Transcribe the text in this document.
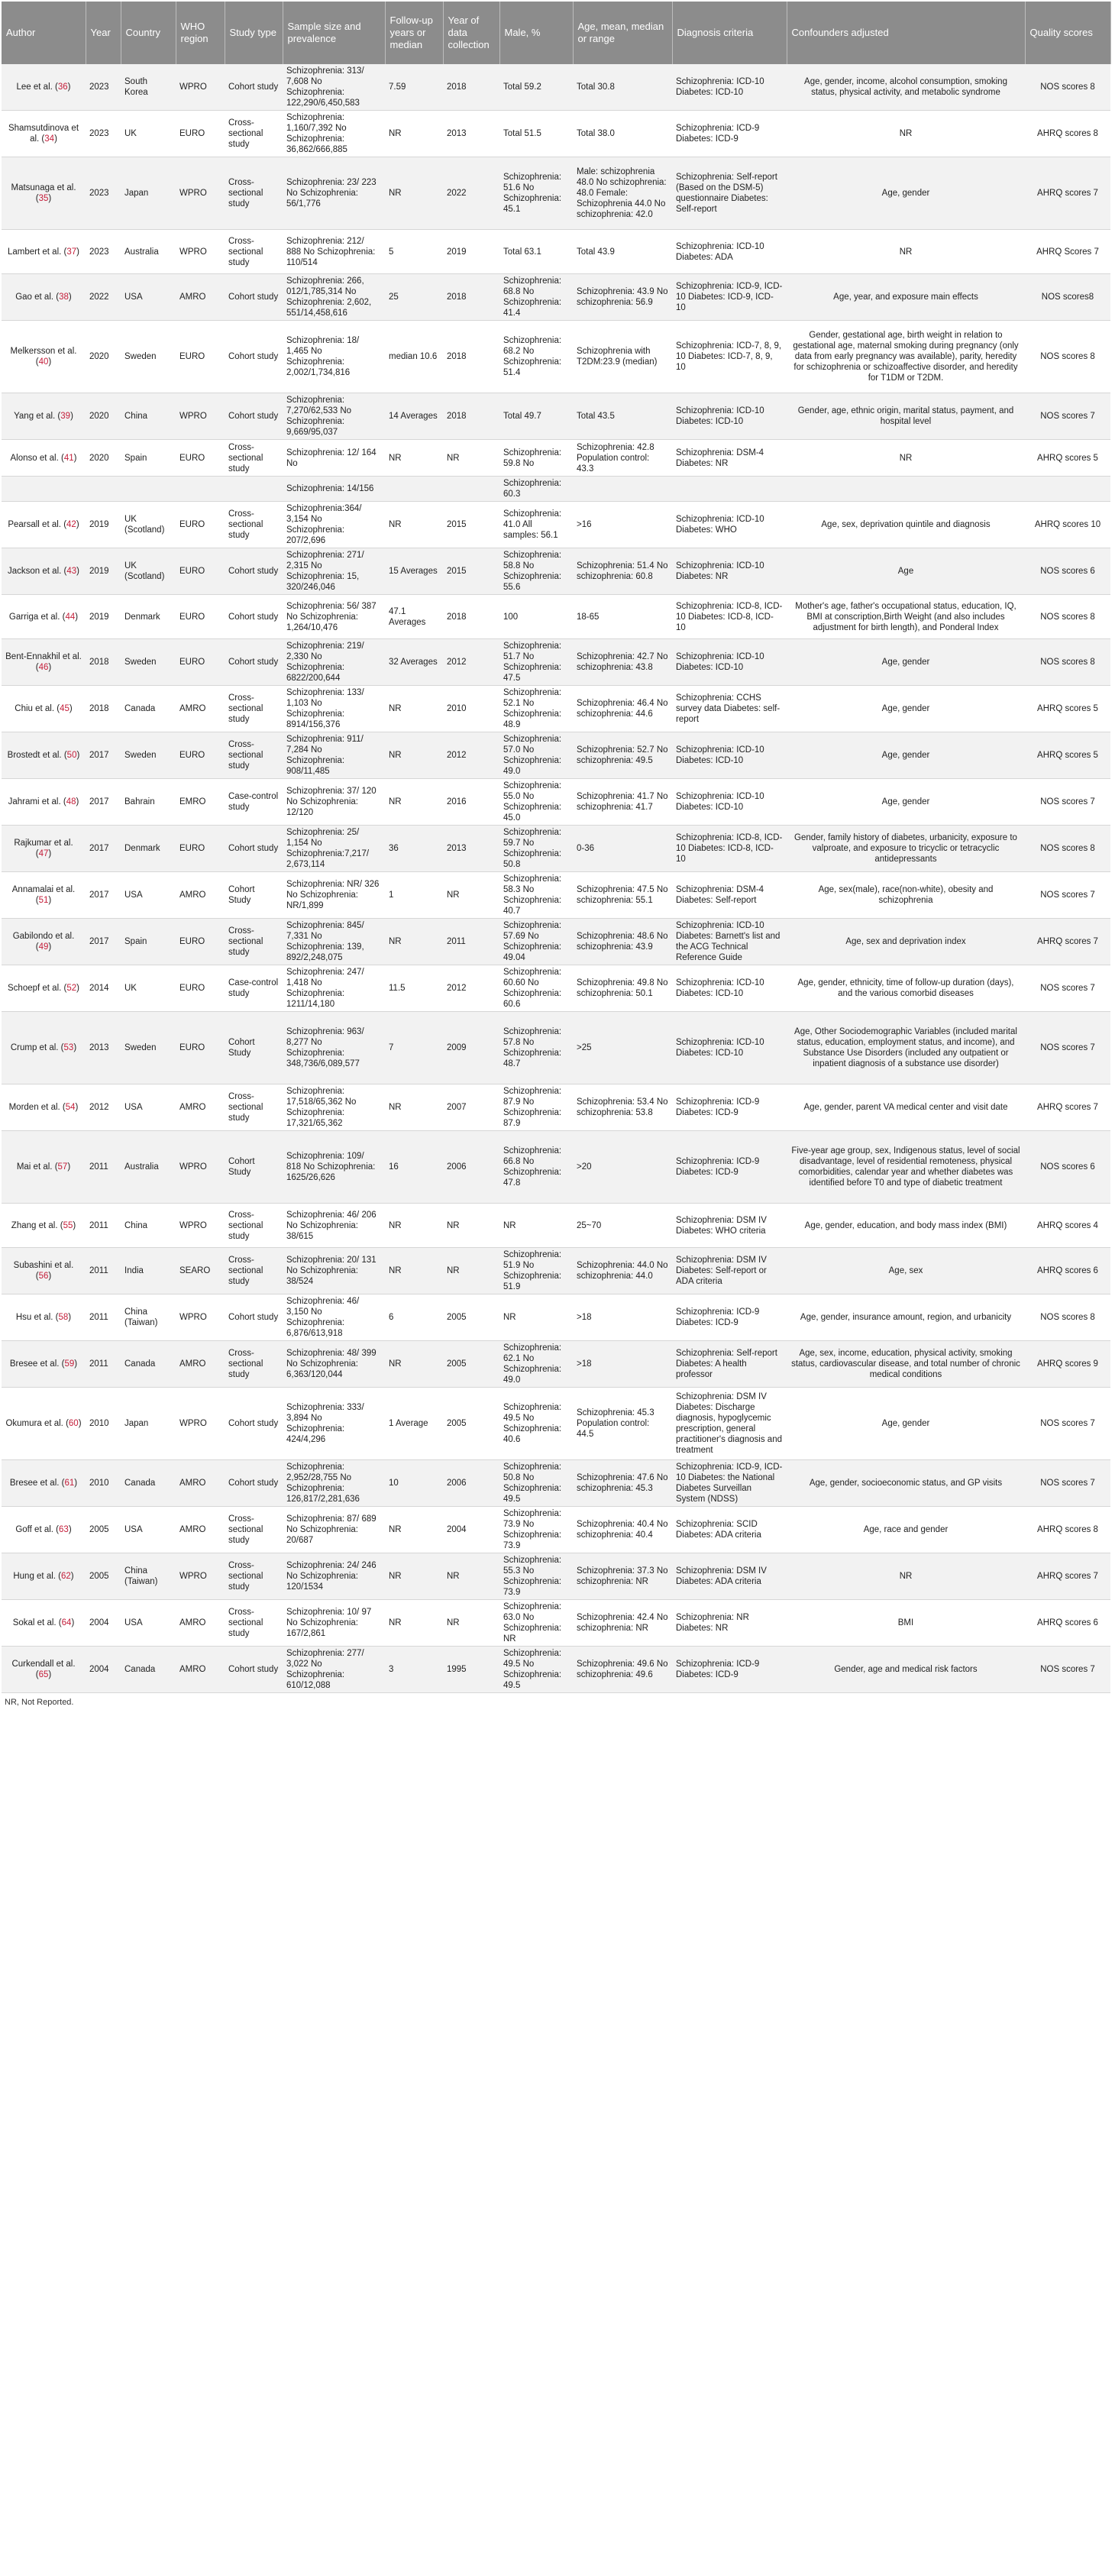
Author	Year	Country	WHO region	Study type	Sample size and prevalence	Follow-up years or median	Year of data collection	Male, %	Age, mean, median or range	Diagnosis criteria	Confounders adjusted	Quality scores
Lee et al. (36)	2023	South Korea	WPRO	Cohort study	Schizophrenia: 313/ 7,608 No Schizophrenia: 122,290/6,450,583	7.59	2018	Total 59.2	Total 30.8	Schizophrenia: ICD-10 Diabetes: ICD-10	Age, gender, income, alcohol consumption, smoking status, physical activity, and metabolic syndrome	NOS scores 8
Shamsutdinova et al. (34)	2023	UK	EURO	Cross-sectional study	Schizophrenia: 1,160/7,392 No Schizophrenia: 36,862/666,885	NR	2013	Total 51.5	Total 38.0	Schizophrenia: ICD-9 Diabetes: ICD-9	NR	AHRQ scores 8
Matsunaga et al. (35)	2023	Japan	WPRO	Cross-sectional study	Schizophrenia: 23/ 223 No Schizophrenia: 56/1,776	NR	2022	Schizophrenia: 51.6 No Schizophrenia: 45.1	Male: schizophrenia 48.0 No schizophrenia: 48.0 Female: Schizophrenia 44.0 No schizophrenia: 42.0	Schizophrenia: Self-report (Based on the DSM-5) questionnaire Diabetes: Self-report	Age, gender	AHRQ scores 7
Lambert et al. (37)	2023	Australia	WPRO	Cross-sectional study	Schizophrenia: 212/ 888 No Schizophrenia: 110/514	5	2019	Total 63.1	Total 43.9	Schizophrenia: ICD-10 Diabetes: ADA	NR	AHRQ Scores 7
Gao et al. (38)	2022	USA	AMRO	Cohort study	Schizophrenia: 266, 012/1,785,314 No Schizophrenia: 2,602, 551/14,458,616	25	2018	Schizophrenia: 68.8 No Schizophrenia: 41.4	Schizophrenia: 43.9 No schizophrenia: 56.9	Schizophrenia: ICD-9, ICD-10 Diabetes: ICD-9, ICD-10	Age, year, and exposure main effects	NOS scores8
Melkersson et al. (40)	2020	Sweden	EURO	Cohort study	Schizophrenia: 18/ 1,465 No Schizophrenia: 2,002/1,734,816	median 10.6	2018	Schizophrenia: 68.2 No Schizophrenia: 51.4	Schizophrenia with T2DM:23.9 (median)	Schizophrenia: ICD-7, 8, 9, 10 Diabetes: ICD-7, 8, 9, 10	Gender, gestational age, birth weight in relation to gestational age, maternal smoking during pregnancy (only data from early pregnancy was available), parity, heredity for schizophrenia or schizoaffective disorder, and heredity for T1DM or T2DM.	NOS scores 8
Yang et al. (39)	2020	China	WPRO	Cohort study	Schizophrenia: 7,270/62,533 No Schizophrenia: 9,669/95,037	14 Averages	2018	Total 49.7	Total 43.5	Schizophrenia: ICD-10 Diabetes: ICD-10	Gender, age, ethnic origin, marital status, payment, and hospital level	NOS scores 7
Alonso et al. (41)	2020	Spain	EURO	Cross-sectional study	Schizophrenia: 12/ 164 No	NR	NR	Schizophrenia: 59.8 No	Schizophrenia: 42.8 Population control: 43.3	Schizophrenia: DSM-4 Diabetes: NR	NR	AHRQ scores 5
					Schizophrenia: 14/156			Schizophrenia: 60.3				
Pearsall et al. (42)	2019	UK (Scotland)	EURO	Cross-sectional study	Schizophrenia:364/ 3,154 No Schizophrenia: 207/2,696	NR	2015	Schizophrenia: 41.0 All samples: 56.1	>16	Schizophrenia: ICD-10 Diabetes: WHO	Age, sex, deprivation quintile and diagnosis	AHRQ scores 10
Jackson et al. (43)	2019	UK (Scotland)	EURO	Cohort study	Schizophrenia: 271/ 2,315 No Schizophrenia: 15, 320/246,046	15 Averages	2015	Schizophrenia: 58.8 No Schizophrenia: 55.6	Schizophrenia: 51.4 No schizophrenia: 60.8	Schizophrenia: ICD-10 Diabetes: NR	Age	NOS scores 6
Garriga et al. (44)	2019	Denmark	EURO	Cohort study	Schizophrenia: 56/ 387 No Schizophrenia: 1,264/10,476	47.1 Averages	2018	100	18-65	Schizophrenia: ICD-8, ICD-10 Diabetes: ICD-8, ICD-10	Mother's age, father's occupational status, education, IQ, BMI at conscription,Birth Weight (and also includes adjustment for birth length), and Ponderal Index	NOS scores 8
Bent-Ennakhil et al. (46)	2018	Sweden	EURO	Cohort study	Schizophrenia: 219/ 2,330 No Schizophrenia: 6822/200,644	32 Averages	2012	Schizophrenia: 51.7 No Schizophrenia: 47.5	Schizophrenia: 42.7 No schizophrenia: 43.8	Schizophrenia: ICD-10 Diabetes: ICD-10	Age, gender	NOS scores 8
Chiu et al. (45)	2018	Canada	AMRO	Cross-sectional study	Schizophrenia: 133/ 1,103 No Schizophrenia: 8914/156,376	NR	2010	Schizophrenia: 52.1 No Schizophrenia: 48.9	Schizophrenia: 46.4 No schizophrenia: 44.6	Schizophrenia: CCHS survey data Diabetes: self-report	Age, gender	AHRQ scores 5
Brostedt et al. (50)	2017	Sweden	EURO	Cross-sectional study	Schizophrenia: 911/ 7,284 No Schizophrenia: 908/11,485	NR	2012	Schizophrenia: 57.0 No Schizophrenia: 49.0	Schizophrenia: 52.7 No schizophrenia: 49.5	Schizophrenia: ICD-10 Diabetes: ICD-10	Age, gender	AHRQ scores 5
Jahrami et al. (48)	2017	Bahrain	EMRO	Case-control study	Schizophrenia: 37/ 120 No Schizophrenia: 12/120	NR	2016	Schizophrenia: 55.0 No Schizophrenia: 45.0	Schizophrenia: 41.7 No schizophrenia: 41.7	Schizophrenia: ICD-10 Diabetes: ICD-10	Age, gender	NOS scores 7
Rajkumar et al. (47)	2017	Denmark	EURO	Cohort study	Schizophrenia: 25/ 1,154 No Schizophrenia:7,217/ 2,673,114	36	2013	Schizophrenia: 59.7 No Schizophrenia: 50.8	0-36	Schizophrenia: ICD-8, ICD-10 Diabetes: ICD-8, ICD-10	Gender, family history of diabetes, urbanicity, exposure to valproate, and exposure to tricyclic or tetracyclic antidepressants	NOS scores 8
Annamalai et al. (51)	2017	USA	AMRO	Cohort Study	Schizophrenia: NR/ 326 No Schizophrenia: NR/1,899	1	NR	Schizophrenia: 58.3 No Schizophrenia: 40.7	Schizophrenia: 47.5 No schizophrenia: 55.1	Schizophrenia: DSM-4 Diabetes: Self-report	Age, sex(male), race(non-white), obesity and schizophrenia	NOS scores 7
Gabilondo et al. (49)	2017	Spain	EURO	Cross-sectional study	Schizophrenia: 845/ 7,331 No Schizophrenia: 139, 892/2,248,075	NR	2011	Schizophrenia: 57.69 No Schizophrenia: 49.04	Schizophrenia: 48.6 No schizophrenia: 43.9	Schizophrenia: ICD-10 Diabetes: Barnett's list and the ACG Technical Reference Guide	Age, sex and deprivation index	AHRQ scores 7
Schoepf et al. (52)	2014	UK	EURO	Case-control study	Schizophrenia: 247/ 1,418 No Schizophrenia: 1211/14,180	11.5	2012	Schizophrenia: 60.60 No Schizophrenia: 60.6	Schizophrenia: 49.8 No schizophrenia: 50.1	Schizophrenia: ICD-10 Diabetes: ICD-10	Age, gender, ethnicity, time of follow-up duration (days), and the various comorbid diseases	NOS scores 7
Crump et al. (53)	2013	Sweden	EURO	Cohort Study	Schizophrenia: 963/ 8,277 No Schizophrenia: 348,736/6,089,577	7	2009	Schizophrenia: 57.8 No Schizophrenia: 48.7	>25	Schizophrenia: ICD-10 Diabetes: ICD-10	Age, Other Sociodemographic Variables (included marital status, education, employment status, and income), and Substance Use Disorders (included any outpatient or inpatient diagnosis of a substance use disorder)	NOS scores 7
Morden et al. (54)	2012	USA	AMRO	Cross-sectional study	Schizophrenia: 17,518/65,362 No Schizophrenia: 17,321/65,362	NR	2007	Schizophrenia: 87.9 No Schizophrenia: 87.9	Schizophrenia: 53.4 No schizophrenia: 53.8	Schizophrenia: ICD-9 Diabetes: ICD-9	Age, gender, parent VA medical center and visit date	AHRQ scores 7
Mai et al. (57)	2011	Australia	WPRO	Cohort Study	Schizophrenia: 109/ 818 No Schizophrenia: 1625/26,626	16	2006	Schizophrenia: 66.8 No Schizophrenia: 47.8	>20	Schizophrenia: ICD-9 Diabetes: ICD-9	Five-year age group, sex, Indigenous status, level of social disadvantage, level of residential remoteness, physical comorbidities, calendar year and whether diabetes was identified before T0 and type of diabetic treatment	NOS scores 6
Zhang et al. (55)	2011	China	WPRO	Cross-sectional study	Schizophrenia: 46/ 206 No Schizophrenia: 38/615	NR	NR	NR	25~70	Schizophrenia: DSM IV Diabetes: WHO criteria	Age, gender, education, and body mass index (BMI)	AHRQ scores 4
Subashini et al. (56)	2011	India	SEARO	Cross-sectional study	Schizophrenia: 20/ 131 No Schizophrenia: 38/524	NR	NR	Schizophrenia: 51.9 No Schizophrenia: 51.9	Schizophrenia: 44.0 No schizophrenia: 44.0	Schizophrenia: DSM IV Diabetes: Self-report or ADA criteria	Age, sex	AHRQ scores 6
Hsu et al. (58)	2011	China (Taiwan)	WPRO	Cohort study	Schizophrenia: 46/ 3,150 No Schizophrenia: 6,876/613,918	6	2005	NR	>18	Schizophrenia: ICD-9 Diabetes: ICD-9	Age, gender, insurance amount, region, and urbanicity	NOS scores 8
Bresee et al. (59)	2011	Canada	AMRO	Cross-sectional study	Schizophrenia: 48/ 399 No Schizophrenia: 6,363/120,044	NR	2005	Schizophrenia: 62.1 No Schizophrenia: 49.0	>18	Schizophrenia: Self-report Diabetes: A health professor	Age, sex, income, education, physical activity, smoking status, cardiovascular disease, and total number of chronic medical conditions	AHRQ scores 9
Okumura et al. (60)	2010	Japan	WPRO	Cohort study	Schizophrenia: 333/ 3,894 No Schizophrenia: 424/4,296	1 Average	2005	Schizophrenia: 49.5 No Schizophrenia: 40.6	Schizophrenia: 45.3 Population control: 44.5	Schizophrenia: DSM IV Diabetes: Discharge diagnosis, hypoglycemic prescription, general practitioner's diagnosis and treatment	Age, gender	NOS scores 7
Bresee et al. (61)	2010	Canada	AMRO	Cohort study	Schizophrenia: 2,952/28,755 No Schizophrenia: 126,817/2,281,636	10	2006	Schizophrenia: 50.8 No Schizophrenia: 49.5	Schizophrenia: 47.6 No schizophrenia: 45.3	Schizophrenia: ICD-9, ICD-10 Diabetes: the National Diabetes Surveillan System (NDSS)	Age, gender, socioeconomic status, and GP visits	NOS scores 7
Goff et al. (63)	2005	USA	AMRO	Cross-sectional study	Schizophrenia: 87/ 689 No Schizophrenia: 20/687	NR	2004	Schizophrenia: 73.9 No Schizophrenia: 73.9	Schizophrenia: 40.4 No schizophrenia: 40.4	Schizophrenia: SCID Diabetes: ADA criteria	Age, race and gender	AHRQ scores 8
Hung et al. (62)	2005	China (Taiwan)	WPRO	Cross-sectional study	Schizophrenia: 24/ 246 No Schizophrenia: 120/1534	NR	NR	Schizophrenia: 55.3 No Schizophrenia: 73.9	Schizophrenia: 37.3 No schizophrenia: NR	Schizophrenia: DSM IV Diabetes: ADA criteria	NR	AHRQ scores 7
Sokal et al. (64)	2004	USA	AMRO	Cross-sectional study	Schizophrenia: 10/ 97 No Schizophrenia: 167/2,861	NR	NR	Schizophrenia: 63.0 No Schizophrenia: NR	Schizophrenia: 42.4 No schizophrenia: NR	Schizophrenia: NR Diabetes: NR	BMI	AHRQ scores 6
Curkendall et al. (65)	2004	Canada	AMRO	Cohort study	Schizophrenia: 277/ 3,022 No Schizophrenia: 610/12,088	3	1995	Schizophrenia: 49.5 No Schizophrenia: 49.5	Schizophrenia: 49.6 No schizophrenia: 49.6	Schizophrenia: ICD-9 Diabetes: ICD-9	Gender, age and medical risk factors	NOS scores 7
NR, Not Reported.
